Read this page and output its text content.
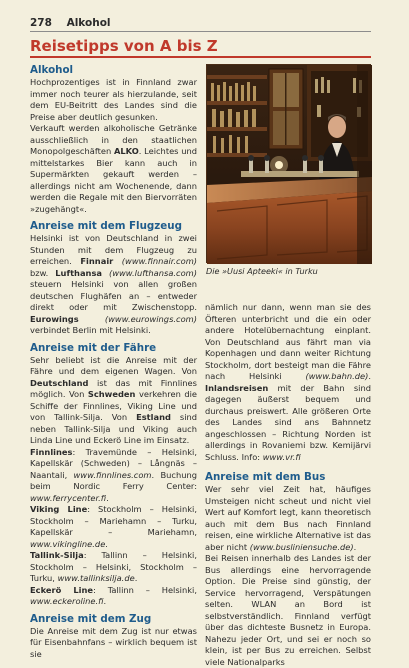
278 Alkohol
Reisetipps von A bis Z
Alkohol

Hochprozentiges ist in Finnland zwar immer noch teurer als hierzulande, seit dem EU-Beitritt des Landes sind die Preise aber deutlich gesunken.

Verkauft werden alkoholische Getränke ausschließlich in den staatlichen Monopolgeschäften ALKO. Leichtes und mittelstarkes Bier kann auch in Supermärkten gekauft werden – allerdings nicht am Wochenende, dann werden die Regale mit den Biervorräten »zugehängt«.

Anreise mit dem Flugzeug

Helsinki ist von Deutschland in zwei Stunden mit dem Flugzeug zu erreichen. Finnair (www.finnair.com) bzw. Lufthansa (www.lufthansa.com) steuern Helsinki von allen großen deutschen Flughäfen an – entweder direkt oder mit Zwischenstopp. Eurowings	(www.eurowings.com) verbindet Berlin mit Helsinki.

Anreise mit der Fähre

Sehr beliebt ist die Anreise mit der Fähre und dem eigenen Wagen. Von Deutschland ist das mit Finnlines möglich. Von Schweden verkehren die Schiffe der Finnlines, Viking Line und von Tallink-Silja. Von Estland sind neben Tallink-Silja und Viking auch Linda Line und Eckerö Line im Einsatz.

Finnlines: Travemünde – Helsinki, Kapellskär (Schweden) – Långnäs – Naantali, www.finnlines.com. Buchung beim Nordic Ferry Center: www.ferrycenter.fi.

Viking Line: Stockholm – Helsinki, Stockholm – Mariehamn – Turku, Kapellskär – Mariehamn, www.vikingline.de.

Tallink-Silja: Tallinn – Helsinki, Stockholm – Helsinki, Stockholm – Turku, www.tallinksilja.de.

Eckerö Line: Tallinn – Helsinki, www.eckeroline.fi.

Anreise mit dem Zug

Die Anreise mit dem Zug ist nur etwas für Eisenbahnfans – wirklich bequem ist sie

Die »Uusi Apteeki« in Turku

nämlich nur dann, wenn man sie des Öfteren unterbricht und die ein oder andere Hotelübernachtung einplant. Von Deutschland aus fährt man via Kopenhagen und dann weiter Richtung Stockholm, dort besteigt man die Fähre nach Helsinki	(www.bahn.de). Inlandsreisen mit der Bahn sind dagegen äußerst bequem und durchaus preiswert. Alle größeren Orte des Landes sind ans Bahnnetz angeschlossen – Richtung Norden ist allerdings in Rovaniemi bzw. Kemijärvi Schluss. Info: www.vr.fi

Anreise mit dem Bus

Wer sehr viel Zeit hat, häufiges Umsteigen nicht scheut und nicht viel Wert auf Komfort legt, kann theoretisch auch mit dem Bus nach Finnland reisen, eine wirkliche Alternative ist das aber nicht (www.busliniensuche.de).

Bei Reisen innerhalb des Landes ist der Bus allerdings eine hervorragende Option. Die Preise sind günstig, der Service hervorragend, Verspätungen selten. WLAN an Bord ist selbstverständlich. Finnland verfügt über das dichteste Busnetz in Europa. Nahezu jeder Ort, und sei er noch so klein, ist per Bus zu erreichen. Selbst viele Nationalparks
